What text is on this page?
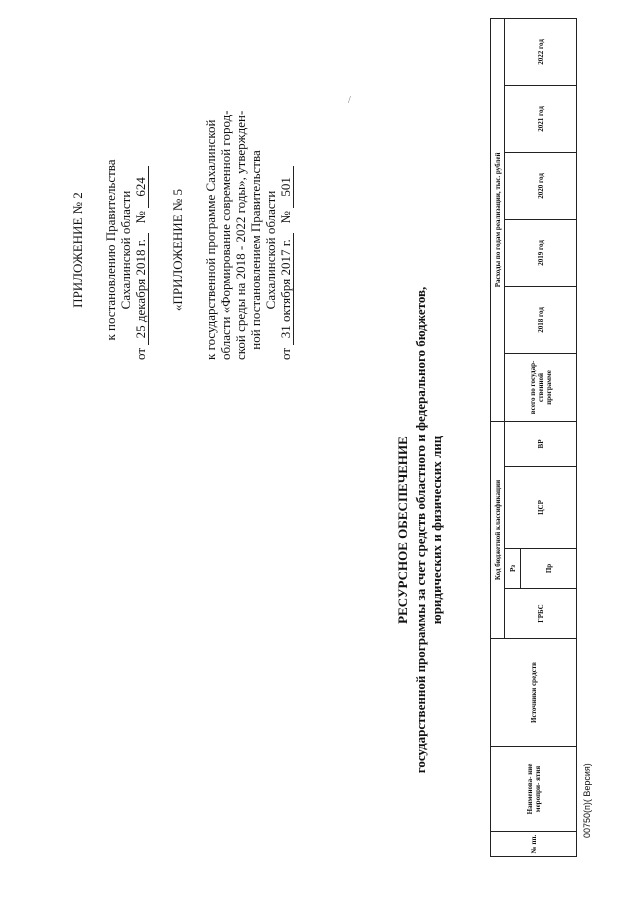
ПРИЛОЖЕНИЕ № 2 к постановлению Правительства Сахалинской области
от 25 декабря 2018 г. № 624
«ПРИЛОЖЕНИЕ № 5 к государственной программе Сахалинской области «Формирование современной город- ской среды на 2018 - 2022 годы», утвержден- ной постановлением Правительства Сахалинской области
от 31 октября 2017 г. № 501
РЕСУРСНОЕ ОБЕСПЕЧЕНИЕ государственной программы за счет средств областного и федерального бюджетов, юридических и физических лиц
№ пп.	Наименова- ние меропри- ятия	Источники средств	Код бюджетной классификации				Расходы по годам реализации, тыс. рублей					
			ГРБС	Рз	ЦСР	ВР	всего по государ- ственной программе	2018 год	2019 год	2020 год	2021 год	2022 год
				Пр								
00750(п)( Версия)
/
